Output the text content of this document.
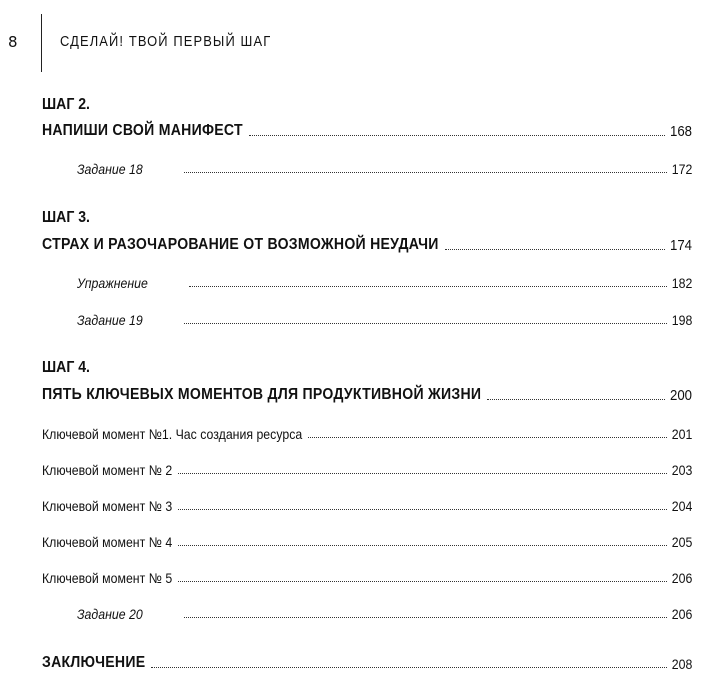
8	СДЕЛАЙ! ТВОЙ ПЕРВЫЙ ШАГ
ШАГ 2.
НАПИШИ СВОЙ МАНИФЕСТ	168
Задание 18	172
ШАГ 3.
СТРАХ И РАЗОЧАРОВАНИЕ ОТ ВОЗМОЖНОЙ НЕУДАЧИ	174
Упражнение	182
Задание 19	198
ШАГ 4.
ПЯТЬ КЛЮЧЕВЫХ МОМЕНТОВ ДЛЯ ПРОДУКТИВНОЙ ЖИЗНИ	200
Ключевой момент №1. Час создания ресурса	201
Ключевой момент № 2	203
Ключевой момент № 3	204
Ключевой момент № 4	205
Ключевой момент № 5	206
Задание 20	206
ЗАКЛЮЧЕНИЕ	208
